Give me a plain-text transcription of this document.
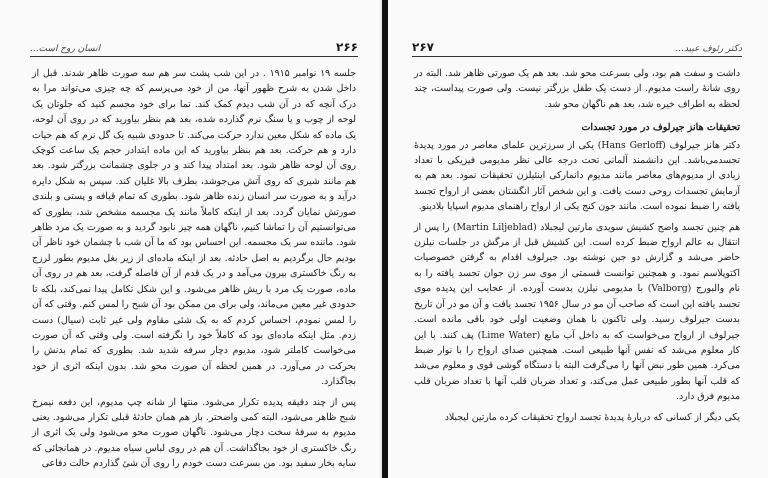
۲۶۶
انسان روح است...

جلسه ۱۹ نوامبر ۱۹۱۵ . در این شب پشت سر هم سه صورت ظاهر شدند. قبل از داخل شدن به شرح ظهور آنها، من از خود می‌پرسم که چه چیزی می‌تواند مرا به درک آنچه که در آن شب دیدم کمک کند. تما برای خود مجسم کنید که جلوتان یک لوحه از چوب و یا سنگ نرم گذارده شده، بعد هم بنظر بیاورید که در روی آن لوحه، یک ماده که شکل معین ندارد حرکت می‌کند. تا حدودی شبیه یک گل نرم که هم حیات دارد و هم حرکت. بعد هم بنظر بیاورید که این ماده ابتدادر حجم یک ساعت کوچک روی آن لوحه ظاهر شود. بعد امتداد پیدا کند و در جلوی چشمانت بزرگتر شود. بعد هم مانند شیری که روی آتش می‌جوشد، بطرف بالا غلیان کند. سپس به شکل دایره درآید و به صورت سر انسان زنده ظاهر شود. بطوری که تمام قیافه و پستی و بلندی صورتش نمایان گردد. بعد از اینکه کاملاً مانند یک مجسمه مشخص شد، بطوری که می‌توانستیم آن را تماشا کنیم، ناگهان همه چیز نابود گردید و به صورت یک مرد ظاهر شود. ماننده سر یک مجسمه. این احساس بود که ما آن شب با چشمان خود ناظر آن بودیم حال برگردیم به اصل حادثه. بعد از اینکه ماده‌ای از زیر بغل مدیوم بطور لرزج به رنگ خاکستری بیرون می‌آمد و در یک قدم از آن فاصله گرفت، بعد هم در روی آن ماده، صورت یک مرد با ریش ظاهر می‌شود. و این شکل تکامل پیدا نمی‌کند، بلکه تا حدودی غیر معین می‌ماند، ولی برای من ممکن بود آن شبح را لمس کنم. وقتی که آن را لمس نمودم، احساس کردم که به یک شئی مقاوم ولی غیر ثابت (سیال) دست زدم. مثل اینکه ماده‌ای بود که کاملاً خود را نگرفته است. ولی وقتی که آن صورت می‌خواست کاملتر شود، مدیوم دچار سرفه شدید شد. بطوری که تمام بدنش را بحرکت در می‌آورد. در همین لحظه آن صورت محو شد. بدون اینکه اثری از خود بجاگذارد.

پس از چند دقیقه پدیده تکرار می‌شود. منتها از شانه چپ مدیوم، این دفعه نیمرخ شبح ظاهر می‌شود، البته کمی واضحتر. باز هم همان حادثهٔ قبلی تکرار می‌شود. یعنی مدیوم به سرفهٔ سخت دچار می‌شود. ناگهان صورت محو می‌شود ولی یک اثری از رنگ خاکستری از خود بجاگذاشت. آن هم در روی لباس سیاه مدیوم. در همانجائی که سایه بخار سفید بود. من بسرعت دست خودم را روی آن شئ گذاردم حالت دفاعی

دکتر رئوف عبید...
۲۶۷

داشت و سفت هم بود، ولی بسرعت محو شد. بعد هم یک صورتی ظاهر شد. البته در روی شانهٔ راست مدیوم. از دست یک طفل بزرگتر نیست. ولی صورت پیداست، چند لحظه به اطراف خیره شد، بعد هم ناگهان محو شد.

تحقیقات هانز جیرلوف در مورد تجسدات

دکتر هانز جیرلوف (Hans Gerloff) یکی از سرزترین علمای معاصر در مورد پدیدهٔ تجسدمی‌باشد. این دانشمند آلمانی تحت درجه عالی نظر مدیومی فیزیکی با تعداد زیادی از مدیوم‌های معاصر مانند مدیوم دانمارکی اینئیلزن تحقیقات نمود. بعد هم به آزمایش تجسدات روحی دست یافت. و این شخص آثار انگشتان بعضی از ارواح تجسد یافته را ضبط نموده است. مانند جون کنج یکی از ارواح راهنمای مدیوم اسپایا بلادینو.

هم چنین تجسد واضح کشیش سویدی مارتین لیجبلاد (Martin Liljeblad) را پس از انتقال به عالم ارواح ضبط کرده است. این کشیش قبل از مرگش در جلسات نیلزن حاضر می‌شد و گزارش دو جین نوشته بود. جیرلوف اقدام به گرفتن خصوصیات اکتوپلاسم نمود. و همچنین توانست قسمتی از موی سر زن جوان تجسد یافته را به نام والبورج (Valborg) با مدیومی نیلزن بدست آورده. از عجایب این پدیده موی تجسد یافته این است که صاحب آن مو در سال ۱۹۵۶ تجسد یافت و آن مو در آن تاریخ بدست جیرلوف رسید. ولی تاکنون با همان وضعیت اولی خود باقی مانده است. جیرلوف از ارواح می‌خواست که به داخل آب مایع (Lime Water) پف کنند. با این کار معلوم می‌شد که نفس آنها طبیعی است. همچنین صدای ارواح را با نوار ضبط می‌کرد. همین طور نبض آنها را می‌گرفت البته با دستگاه گوشی قوی و معلوم می‌شد که قلب آنها بطور طبیعی عمل می‌کند، و تعداد ضربان قلب آنها با تعداد ضربان قلب مدیوم فرق دارد.

یکی دیگر از کسانی که دربارهٔ پدیدهٔ تجسد ارواح تحقیقات کرده مارتین لیجبلاد
